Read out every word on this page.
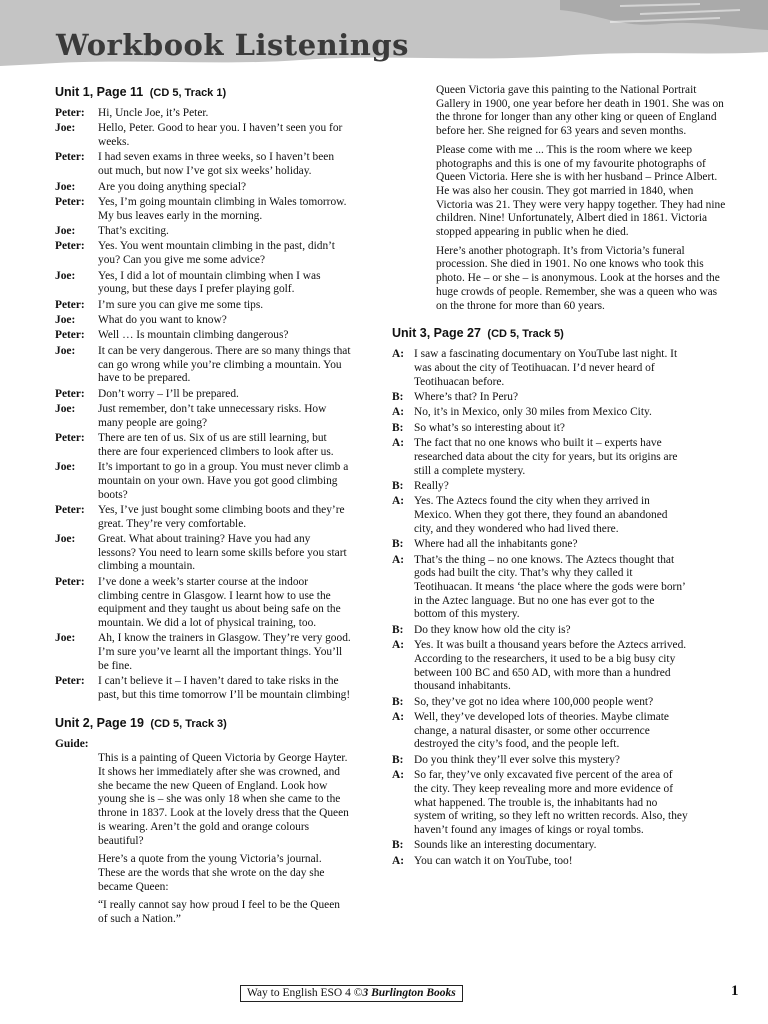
Workbook Listenings
Unit 1, Page 11 (CD 5, Track 1)
Peter:	Hi, Uncle Joe, it’s Peter.
Joe:	Hello, Peter. Good to hear you. I haven’t seen you for weeks.
Peter:	I had seven exams in three weeks, so I haven’t been out much, but now I’ve got six weeks’ holiday.
Joe:	Are you doing anything special?
Peter:	Yes, I’m going mountain climbing in Wales tomorrow. My bus leaves early in the morning.
Joe:	That’s exciting.
Peter:	Yes. You went mountain climbing in the past, didn’t you? Can you give me some advice?
Joe:	Yes, I did a lot of mountain climbing when I was young, but these days I prefer playing golf.
Peter:	I’m sure you can give me some tips.
Joe:	What do you want to know?
Peter:	Well … Is mountain climbing dangerous?
Joe:	It can be very dangerous. There are so many things that can go wrong while you’re climbing a mountain. You have to be prepared.
Peter:	Don’t worry – I’ll be prepared.
Joe:	Just remember, don’t take unnecessary risks. How many people are going?
Peter:	There are ten of us. Six of us are still learning, but there are four experienced climbers to look after us.
Joe:	It’s important to go in a group. You must never climb a mountain on your own. Have you got good climbing boots?
Peter:	Yes, I’ve just bought some climbing boots and they’re great. They’re very comfortable.
Joe:	Great. What about training? Have you had any lessons? You need to learn some skills before you start climbing a mountain.
Peter:	I’ve done a week’s starter course at the indoor climbing centre in Glasgow. I learnt how to use the equipment and they taught us about being safe on the mountain. We did a lot of physical training, too.
Joe:	Ah, I know the trainers in Glasgow. They’re very good. I’m sure you’ve learnt all the important things. You’ll be fine.
Peter:	I can’t believe it – I haven’t dared to take risks in the past, but this time tomorrow I’ll be mountain climbing!
Unit 2, Page 19 (CD 5, Track 3)
Guide:

This is a painting of Queen Victoria by George Hayter. It shows her immediately after she was crowned, and she became the new Queen of England. Look how young she is – she was only 18 when she came to the throne in 1837. Look at the lovely dress that the Queen is wearing. Aren’t the gold and orange colours beautiful?

Here’s a quote from the young Victoria’s journal. These are the words that she wrote on the day she became Queen:

“I really cannot say how proud I feel to be the Queen of such a Nation.”

Queen Victoria gave this painting to the National Portrait Gallery in 1900, one year before her death in 1901. She was on the throne for longer than any other king or queen of England before her. She reigned for 63 years and seven months.

Please come with me ... This is the room where we keep photographs and this is one of my favourite photographs of Queen Victoria. Here she is with her husband – Prince Albert. He was also her cousin. They got married in 1840, when Victoria was 21. They were very happy together. They had nine children. Nine! Unfortunately, Albert died in 1861. Victoria stopped appearing in public when he died.

Here’s another photograph. It’s from Victoria’s funeral procession. She died in 1901. No one knows who took this photo. He – or she – is anonymous. Look at the horses and the huge crowds of people. Remember, she was a queen who was on the throne for more than 60 years.

Unit 3, Page 27 (CD 5, Track 5)
A: I saw a fascinating documentary on YouTube last night. It was about the city of Teotihuacan. I’d never heard of Teotihuacan before.
B: Where’s that? In Peru?
A: No, it’s in Mexico, only 30 miles from Mexico City.
B: So what’s so interesting about it?
A: The fact that no one knows who built it – experts have researched data about the city for years, but its origins are still a complete mystery.
B: Really?
A: Yes. The Aztecs found the city when they arrived in Mexico. When they got there, they found an abandoned city, and they wondered who had lived there.
B: Where had all the inhabitants gone?
A: That’s the thing – no one knows. The Aztecs thought that gods had built the city. That’s why they called it Teotihuacan. It means ‘the place where the gods were born’ in the Aztec language. But no one has ever got to the bottom of this mystery.
B: Do they know how old the city is?
A: Yes. It was built a thousand years before the Aztecs arrived. According to the researchers, it used to be a big busy city between 100 BC and 650 AD, with more than a hundred thousand inhabitants.
B: So, they’ve got no idea where 100,000 people went?
A: Well, they’ve developed lots of theories. Maybe climate change, a natural disaster, or some other occurrence destroyed the city’s food, and the people left.
B: Do you think they’ll ever solve this mystery?
A: So far, they’ve only excavated five percent of the area of the city. They keep revealing more and more evidence of what happened. The trouble is, the inhabitants had no system of writing, so they left no written records. Also, they haven’t found any images of kings or royal tombs.
B: Sounds like an interesting documentary.
A: You can watch it on YouTube, too!
Way to English ESO 4 ©3 Burlington Books	1
